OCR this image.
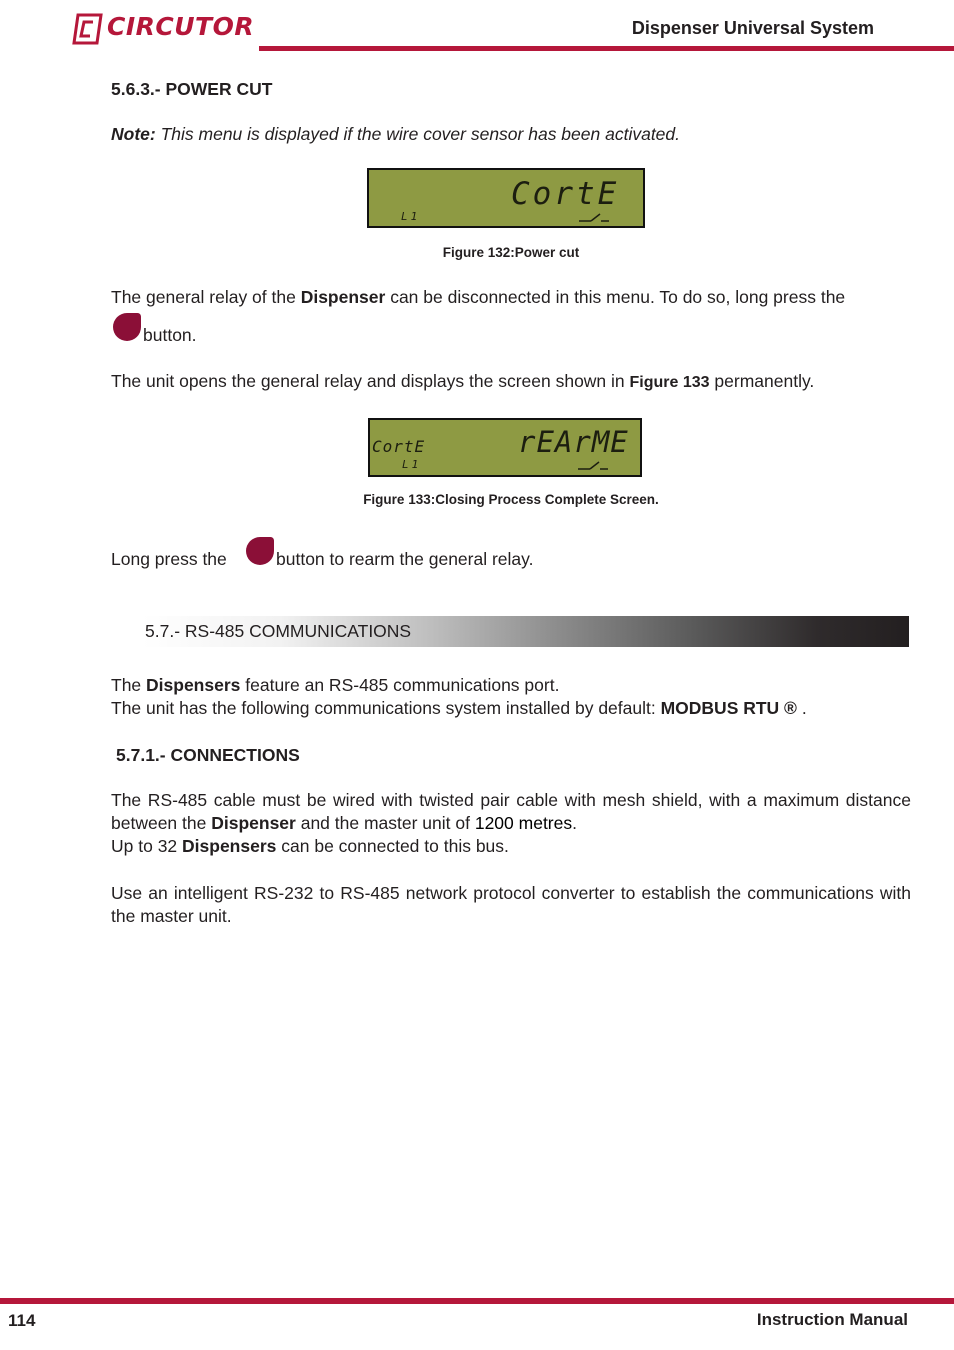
CIRCUTOR	Dispenser Universal System
5.6.3.- POWER CUT
Note: This menu is displayed if the wire cover sensor has been activated.
CortE
L1
Figure 132:Power cut
The general relay of the Dispenser can be disconnected in this menu. To do so, long press the
button.
The unit opens the general relay and displays the screen shown in Figure 133 permanently.
CortE	rEArME
L1
Figure 133:Closing Process Complete Screen.
Long press the	button to rearm the general relay.
5.7.- RS-485 COMMUNICATIONS
The Dispensers feature an RS-485 communications port.
The unit has the following communications system installed by default: MODBUS RTU ® .
5.7.1.- CONNECTIONS
The RS-485 cable must be wired with twisted pair cable with mesh shield, with a maximum distance between the Dispenser and the master unit of 1200 metres.
Up to 32 Dispensers can be connected to this bus.
Use an intelligent RS-232 to RS-485 network protocol converter to establish the communications with the master unit.
114	Instruction Manual
